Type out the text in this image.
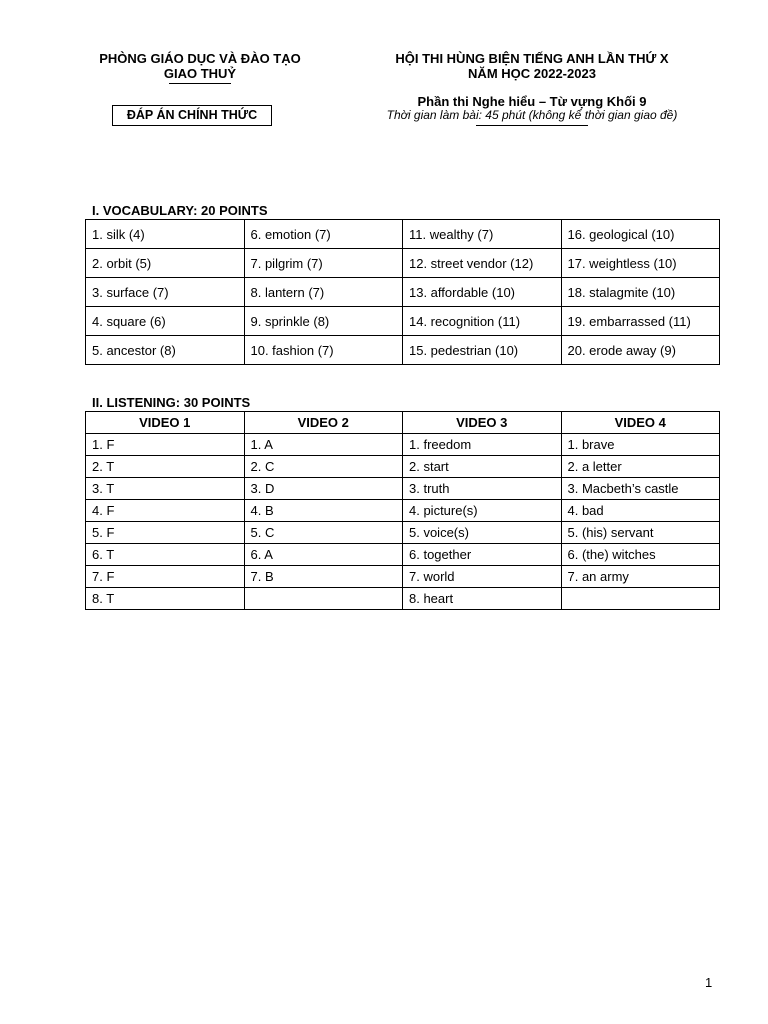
PHÒNG GIÁO DỤC VÀ ĐÀO TẠO
GIAO THUỶ
ĐÁP ÁN CHÍNH THỨC
HỘI THI HÙNG BIỆN TIẾNG ANH LẦN THỨ X
NĂM HỌC 2022-2023
Phần thi Nghe hiểu – Từ vựng Khối 9
Thời gian làm bài: 45 phút (không kể thời gian giao đề)
I. VOCABULARY: 20 POINTS
1. silk (4)	6. emotion (7)	11. wealthy (7)	16. geological (10)
2. orbit (5)	7. pilgrim (7)	12. street vendor (12)	17. weightless (10)
3. surface (7)	8. lantern (7)	13. affordable (10)	18. stalagmite (10)
4. square (6)	9. sprinkle (8)	14. recognition (11)	19. embarrassed (11)
5. ancestor (8)	10. fashion (7)	15. pedestrian (10)	20. erode away (9)
II. LISTENING: 30 POINTS
VIDEO 1	VIDEO 2	VIDEO 3	VIDEO 4
1. F	1. A	1. freedom	1. brave
2. T	2. C	2. start	2. a letter
3. T	3. D	3. truth	3. Macbeth’s castle
4. F	4. B	4. picture(s)	4. bad
5. F	5. C	5. voice(s)	5. (his) servant
6. T	6. A	6. together	6. (the) witches
7. F	7. B	7. world	7. an army
8. T		8. heart	
1
